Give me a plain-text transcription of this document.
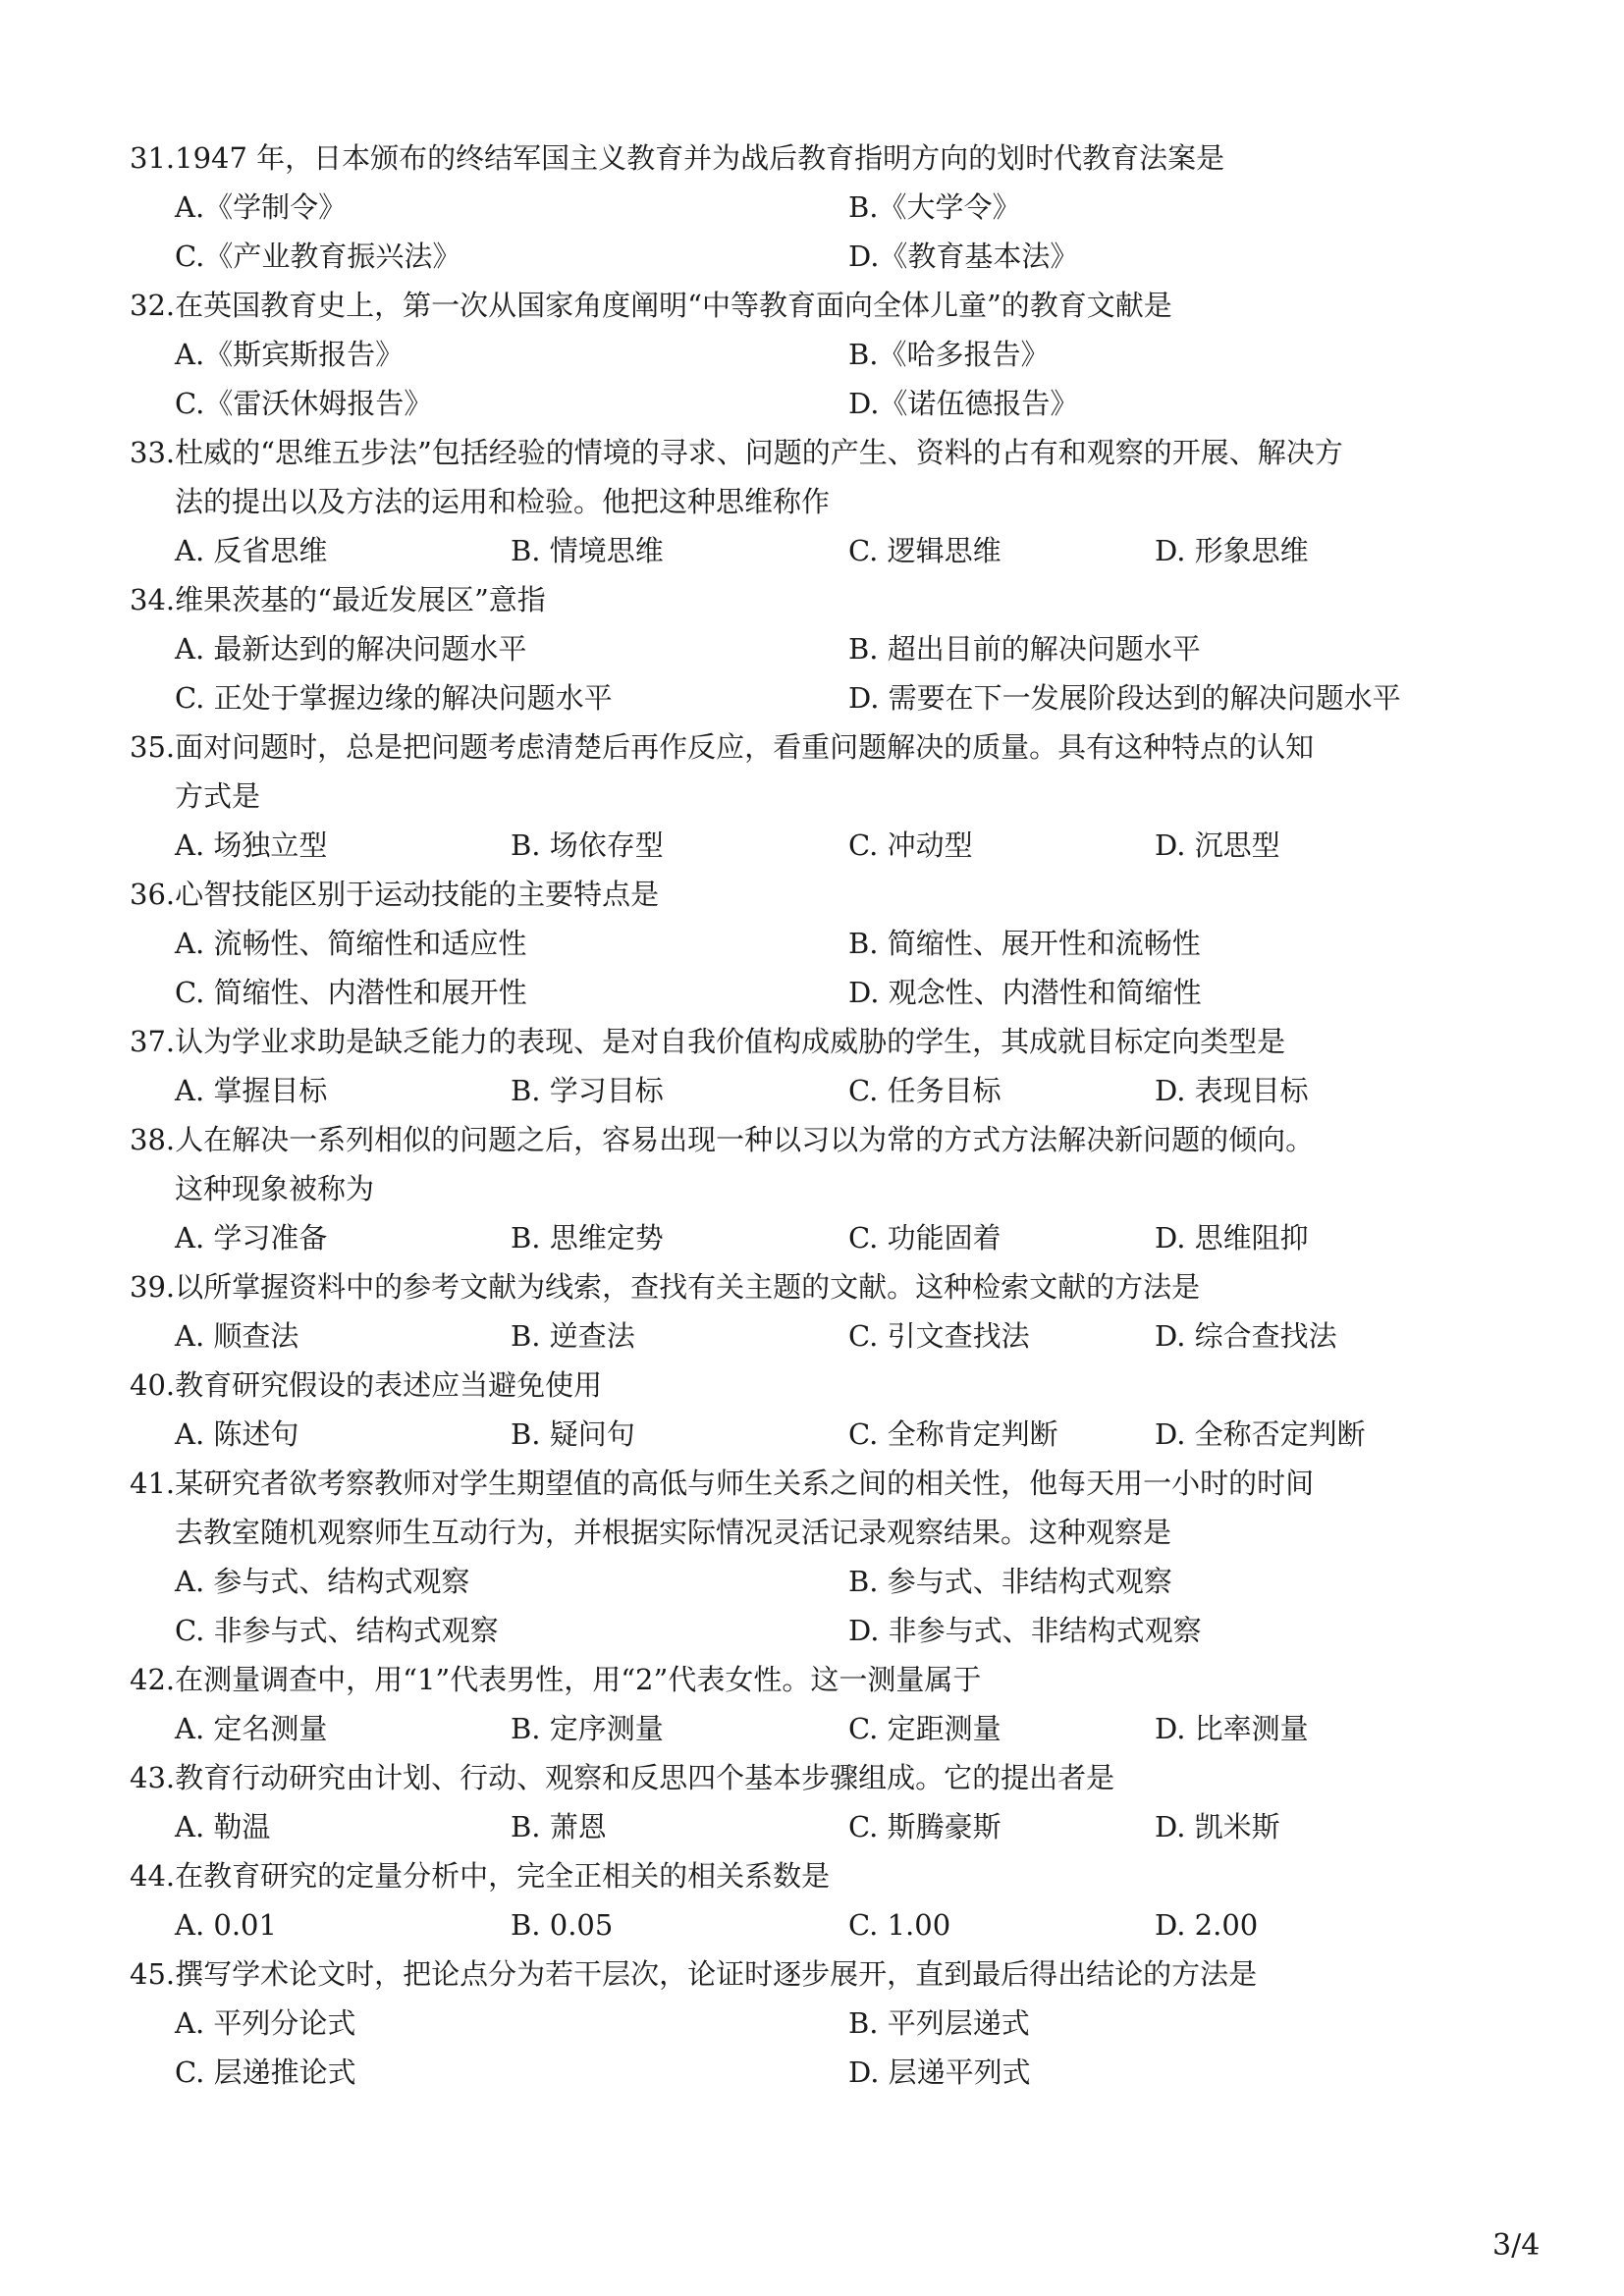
31.1947 年，日本颁布的终结军国主义教育并为战后教育指明方向的划时代教育法案是
A.《学制令》	B.《大学令》
C.《产业教育振兴法》	D.《教育基本法》
32.在英国教育史上，第一次从国家角度阐明“中等教育面向全体儿童”的教育文献是
A.《斯宾斯报告》	B.《哈多报告》
C.《雷沃休姆报告》	D.《诺伍德报告》
33.杜威的“思维五步法”包括经验的情境的寻求、问题的产生、资料的占有和观察的开展、解决方
法的提出以及方法的运用和检验。他把这种思维称作
A. 反省思维	B. 情境思维	C. 逻辑思维	D. 形象思维
34.维果茨基的“最近发展区”意指
A. 最新达到的解决问题水平	B. 超出目前的解决问题水平
C. 正处于掌握边缘的解决问题水平	D. 需要在下一发展阶段达到的解决问题水平
35.面对问题时，总是把问题考虑清楚后再作反应，看重问题解决的质量。具有这种特点的认知
方式是
A. 场独立型	B. 场依存型	C. 冲动型	D. 沉思型
36.心智技能区别于运动技能的主要特点是
A. 流畅性、简缩性和适应性	B. 简缩性、展开性和流畅性
C. 简缩性、内潜性和展开性	D. 观念性、内潜性和简缩性
37.认为学业求助是缺乏能力的表现、是对自我价值构成威胁的学生，其成就目标定向类型是
A. 掌握目标	B. 学习目标	C. 任务目标	D. 表现目标
38.人在解决一系列相似的问题之后，容易出现一种以习以为常的方式方法解决新问题的倾向。
这种现象被称为
A. 学习准备	B. 思维定势	C. 功能固着	D. 思维阻抑
39.以所掌握资料中的参考文献为线索，查找有关主题的文献。这种检索文献的方法是
A. 顺查法	B. 逆查法	C. 引文查找法	D. 综合查找法
40.教育研究假设的表述应当避免使用
A. 陈述句	B. 疑问句	C. 全称肯定判断	D. 全称否定判断
41.某研究者欲考察教师对学生期望值的高低与师生关系之间的相关性，他每天用一小时的时间
去教室随机观察师生互动行为，并根据实际情况灵活记录观察结果。这种观察是
A. 参与式、结构式观察	B. 参与式、非结构式观察
C. 非参与式、结构式观察	D. 非参与式、非结构式观察
42.在测量调查中，用“1”代表男性，用“2”代表女性。这一测量属于
A. 定名测量	B. 定序测量	C. 定距测量	D. 比率测量
43.教育行动研究由计划、行动、观察和反思四个基本步骤组成。它的提出者是
A. 勒温	B. 萧恩	C. 斯腾豪斯	D. 凯米斯
44.在教育研究的定量分析中，完全正相关的相关系数是
A. 0.01	B. 0.05	C. 1.00	D. 2.00
45.撰写学术论文时，把论点分为若干层次，论证时逐步展开，直到最后得出结论的方法是
A. 平列分论式	B. 平列层递式
C. 层递推论式	D. 层递平列式
3/4
